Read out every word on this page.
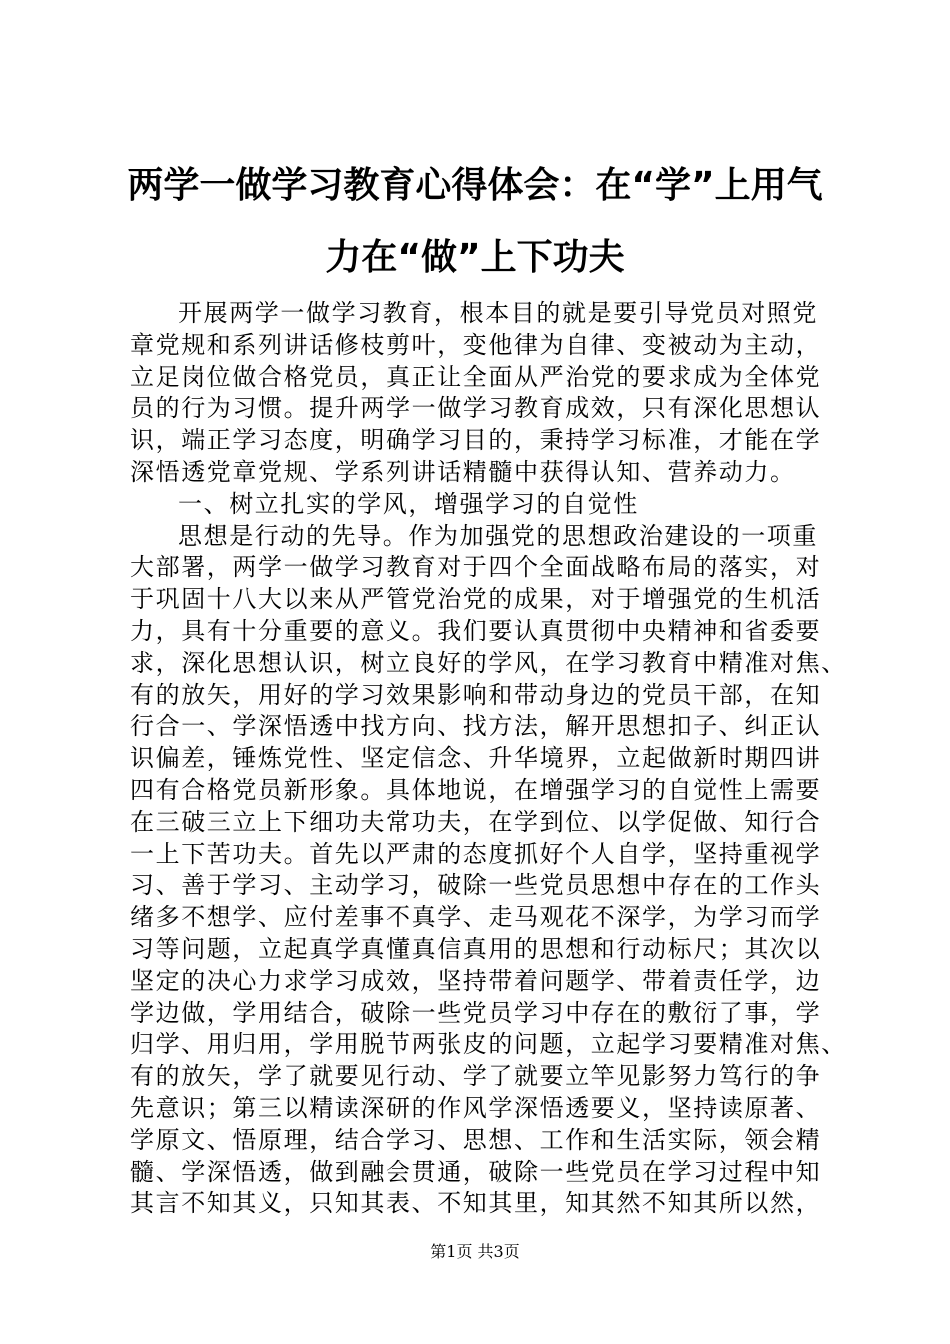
两学一做学习教育心得体会：在“学”上用气
力在“做”上下功夫
开展两学一做学习教育，根本目的就是要引导党员对照党
章党规和系列讲话修枝剪叶，变他律为自律、变被动为主动，
立足岗位做合格党员，真正让全面从严治党的要求成为全体党
员的行为习惯。提升两学一做学习教育成效，只有深化思想认
识，端正学习态度，明确学习目的，秉持学习标准，才能在学
深悟透党章党规、学系列讲话精髓中获得认知、营养动力。
一、树立扎实的学风，增强学习的自觉性
思想是行动的先导。作为加强党的思想政治建设的一项重
大部署，两学一做学习教育对于四个全面战略布局的落实，对
于巩固十八大以来从严管党治党的成果，对于增强党的生机活
力，具有十分重要的意义。我们要认真贯彻中央精神和省委要
求，深化思想认识，树立良好的学风，在学习教育中精准对焦、
有的放矢，用好的学习效果影响和带动身边的党员干部，在知
行合一、学深悟透中找方向、找方法，解开思想扣子、纠正认
识偏差，锤炼党性、坚定信念、升华境界，立起做新时期四讲
四有合格党员新形象。具体地说，在增强学习的自觉性上需要
在三破三立上下细功夫常功夫，在学到位、以学促做、知行合
一上下苦功夫。首先以严肃的态度抓好个人自学，坚持重视学
习、善于学习、主动学习，破除一些党员思想中存在的工作头
绪多不想学、应付差事不真学、走马观花不深学，为学习而学
习等问题，立起真学真懂真信真用的思想和行动标尺；其次以
坚定的决心力求学习成效，坚持带着问题学、带着责任学，边
学边做，学用结合，破除一些党员学习中存在的敷衍了事，学
归学、用归用，学用脱节两张皮的问题，立起学习要精准对焦、
有的放矢，学了就要见行动、学了就要立竿见影努力笃行的争
先意识；第三以精读深研的作风学深悟透要义，坚持读原著、
学原文、悟原理，结合学习、思想、工作和生活实际，领会精
髓、学深悟透，做到融会贯通，破除一些党员在学习过程中知
其言不知其义，只知其表、不知其里，知其然不知其所以然，
第1页 共3页
